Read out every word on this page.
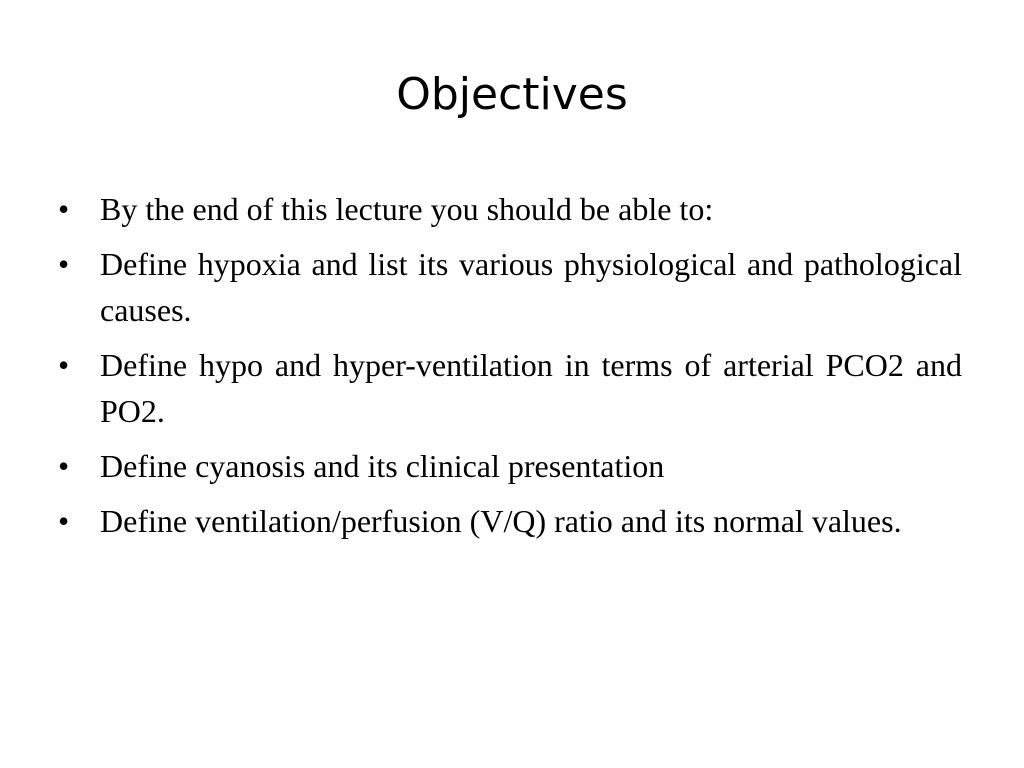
Objectives
• By the end of this lecture you should be able to:
• Define hypoxia and list its various physiological and pathological causes.
• Define hypo and hyper-ventilation in terms of arterial PCO2 and PO2.
• Define cyanosis and its clinical presentation
• Define ventilation/perfusion (V/Q) ratio and its normal values.
